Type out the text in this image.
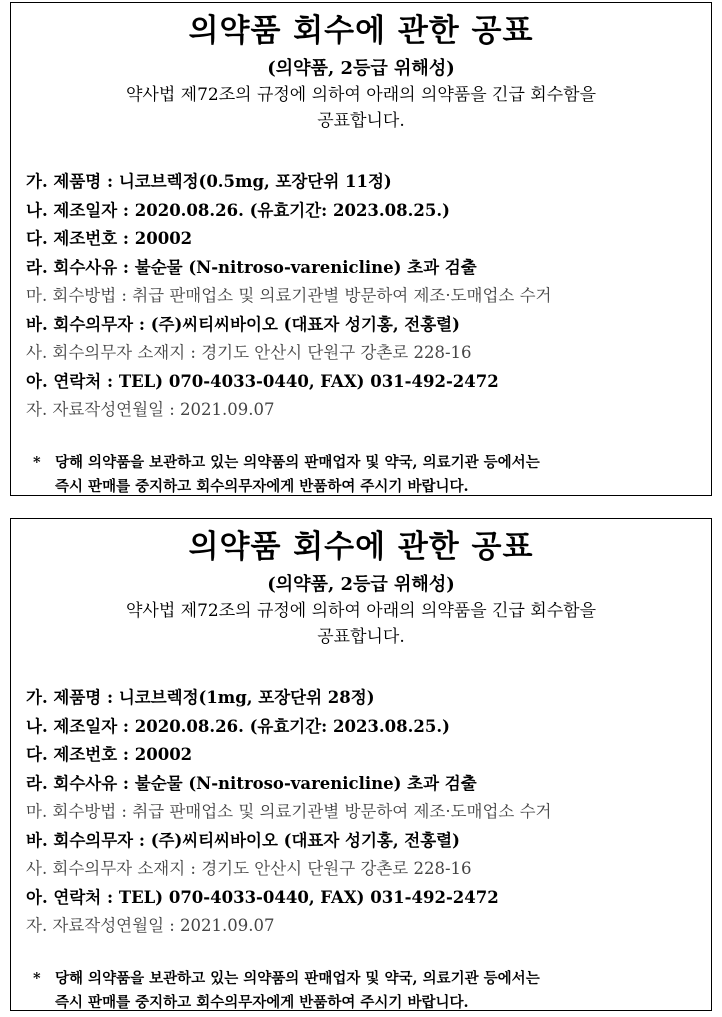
의약품 회수에 관한 공표
(의약품, 2등급 위해성)
약사법 제72조의 규정에 의하여 아래의 의약품을 긴급 회수함을
공표합니다.
가. 제품명 : 니코브렉정(0.5mg, 포장단위 11정)
나. 제조일자 : 2020.08.26. (유효기간: 2023.08.25.)
다. 제조번호 : 20002
라. 회수사유 : 불순물 (N-nitroso-varenicline) 초과 검출
마. 회수방법 : 취급 판매업소 및 의료기관별 방문하여 제조·도매업소 수거
바. 회수의무자 : (주)씨티씨바이오 (대표자 성기홍, 전홍렬)
사. 회수의무자 소재지 : 경기도 안산시 단원구 강촌로 228-16
아. 연락처 : TEL) 070-4033-0440, FAX) 031-492-2472
자. 자료작성연월일 : 2021.09.07
* 당해 의약품을 보관하고 있는 의약품의 판매업자 및 약국, 의료기관 등에서는
즉시 판매를 중지하고 회수의무자에게 반품하여 주시기 바랍니다.
의약품 회수에 관한 공표
(의약품, 2등급 위해성)
약사법 제72조의 규정에 의하여 아래의 의약품을 긴급 회수함을
공표합니다.
가. 제품명 : 니코브렉정(1mg, 포장단위 28정)
나. 제조일자 : 2020.08.26. (유효기간: 2023.08.25.)
다. 제조번호 : 20002
라. 회수사유 : 불순물 (N-nitroso-varenicline) 초과 검출
마. 회수방법 : 취급 판매업소 및 의료기관별 방문하여 제조·도매업소 수거
바. 회수의무자 : (주)씨티씨바이오 (대표자 성기홍, 전홍렬)
사. 회수의무자 소재지 : 경기도 안산시 단원구 강촌로 228-16
아. 연락처 : TEL) 070-4033-0440, FAX) 031-492-2472
자. 자료작성연월일 : 2021.09.07
* 당해 의약품을 보관하고 있는 의약품의 판매업자 및 약국, 의료기관 등에서는
즉시 판매를 중지하고 회수의무자에게 반품하여 주시기 바랍니다.
